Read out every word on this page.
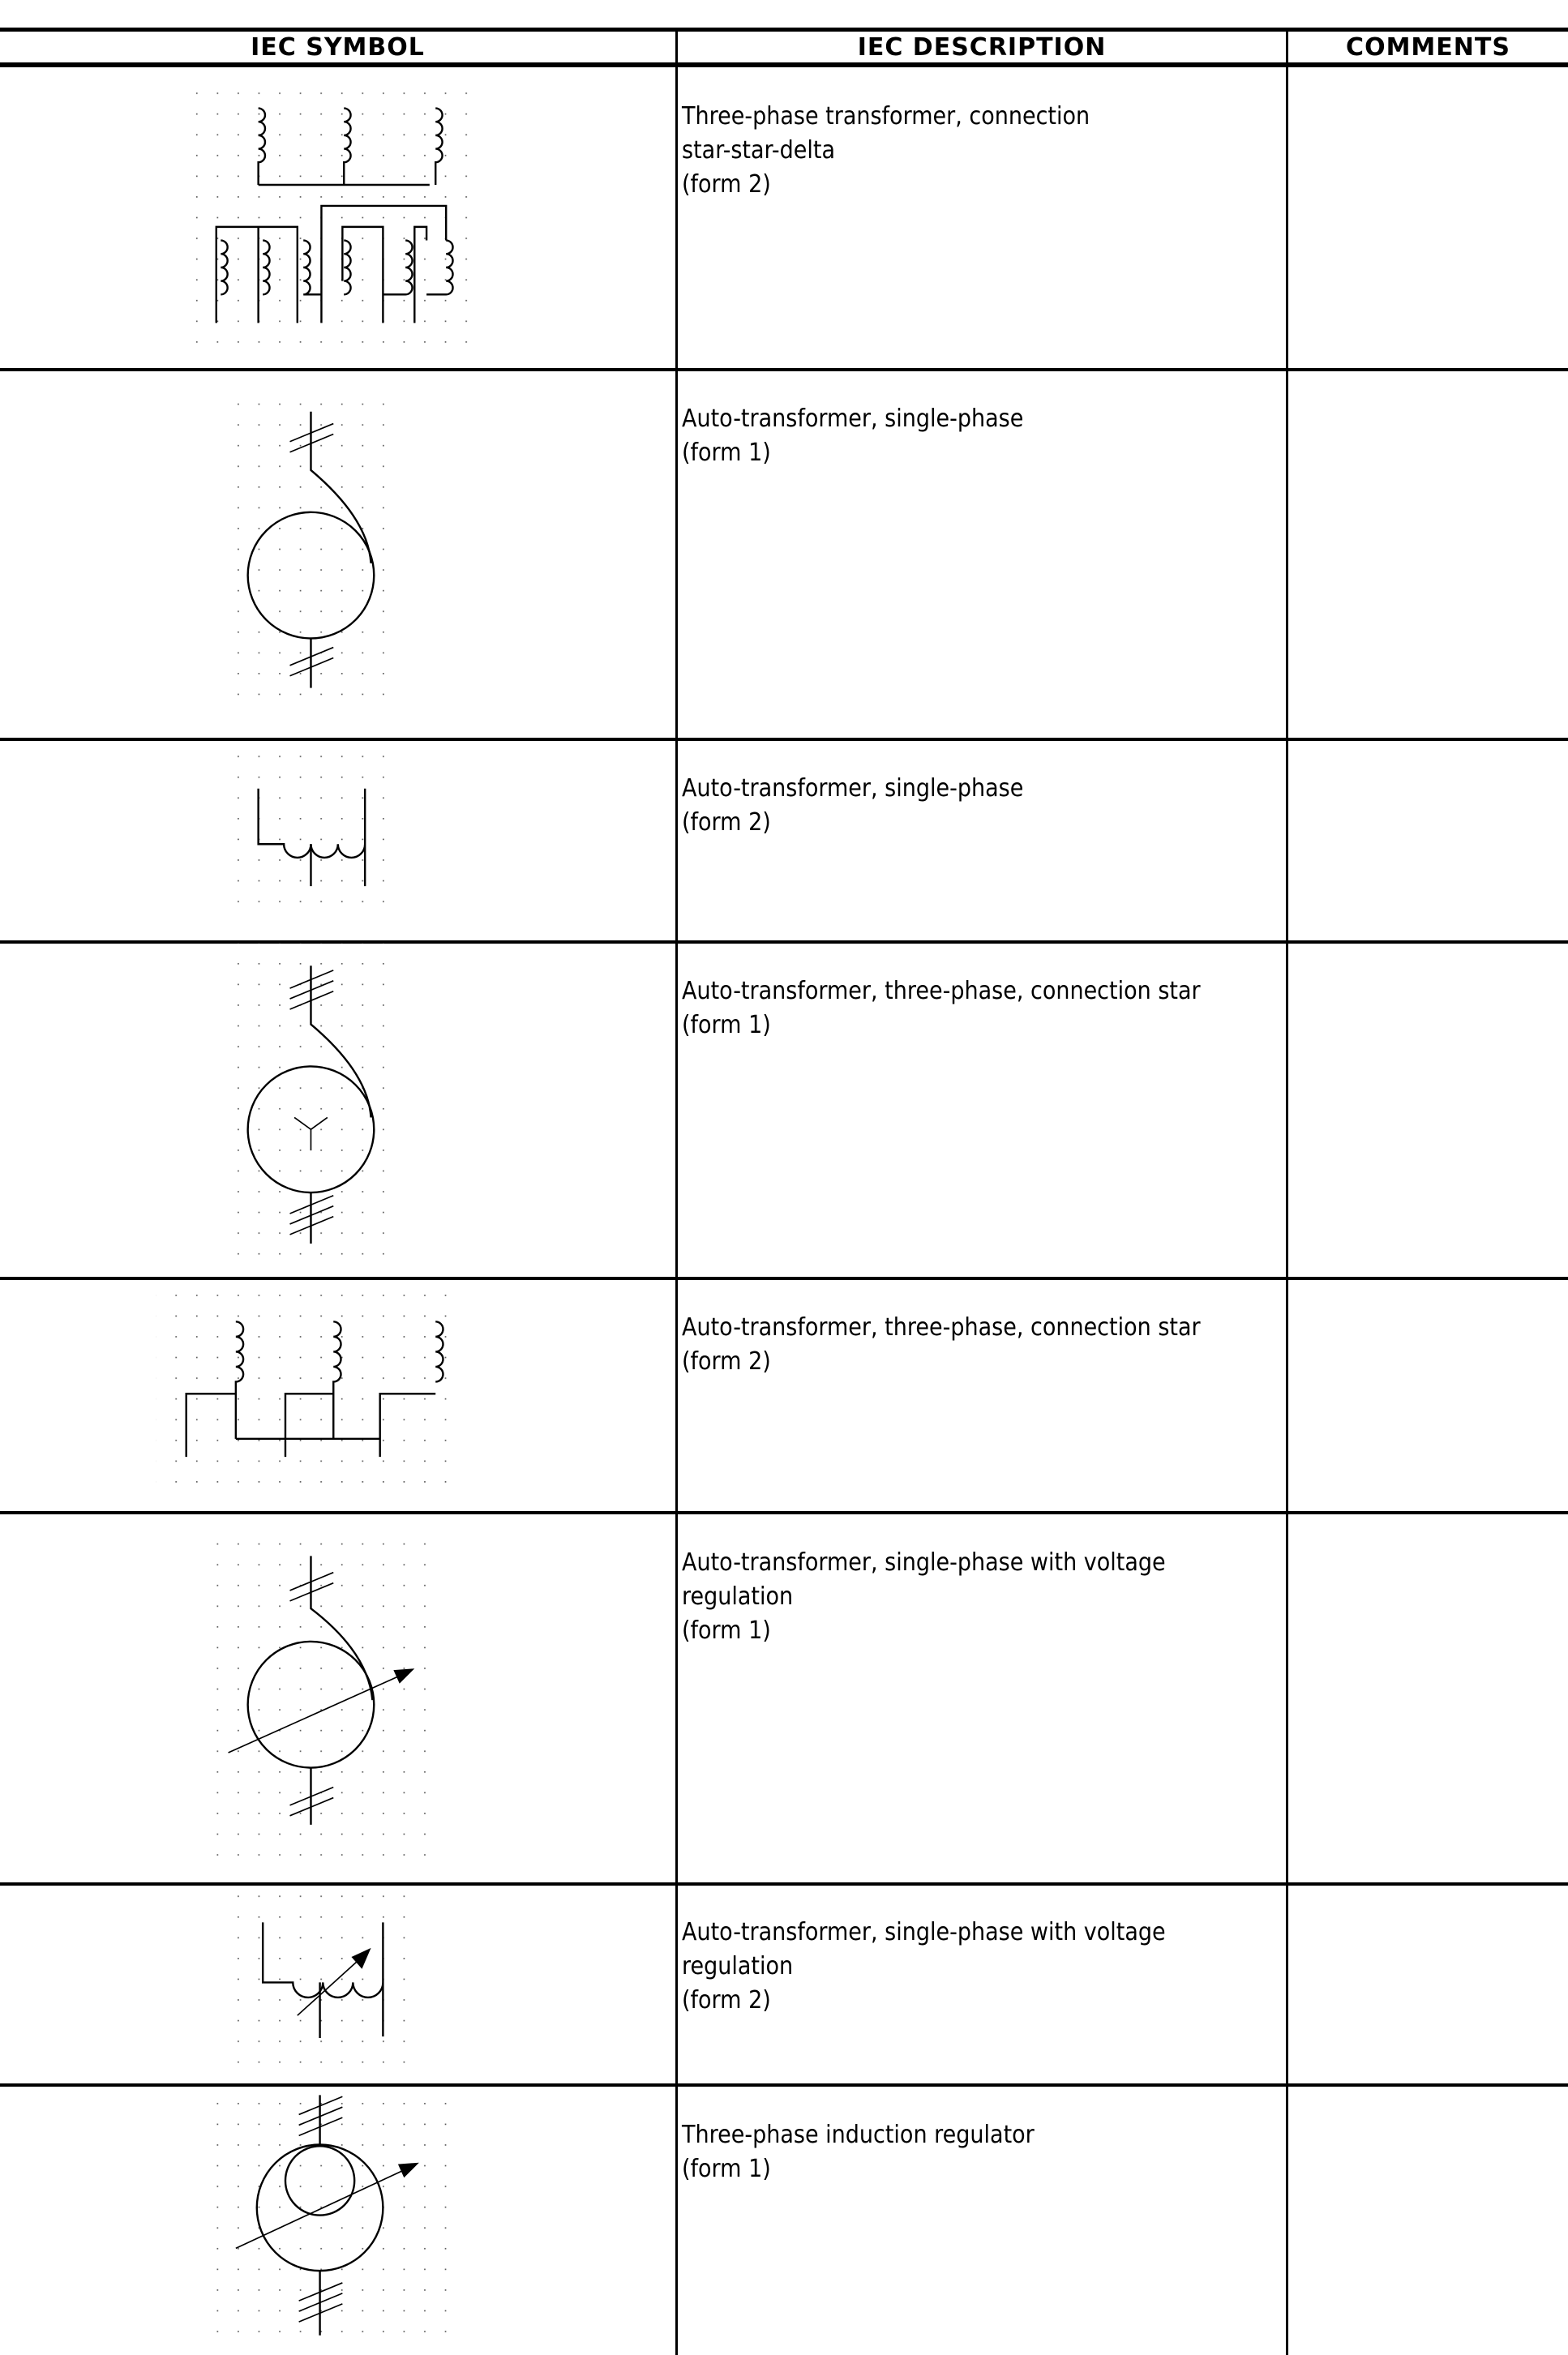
IEC SYMBOL	IEC DESCRIPTION	COMMENTS
Three-phase transformer, connection
star-star-delta
(form 2)
Auto-transformer, single-phase
(form 1)
Auto-transformer, single-phase
(form 2)
Auto-transformer, three-phase, connection star
(form 1)
Auto-transformer, three-phase, connection star
(form 2)
Auto-transformer, single-phase with voltage
regulation
(form 1)
Auto-transformer, single-phase with voltage
regulation
(form 2)
Three-phase induction regulator
(form 1)
